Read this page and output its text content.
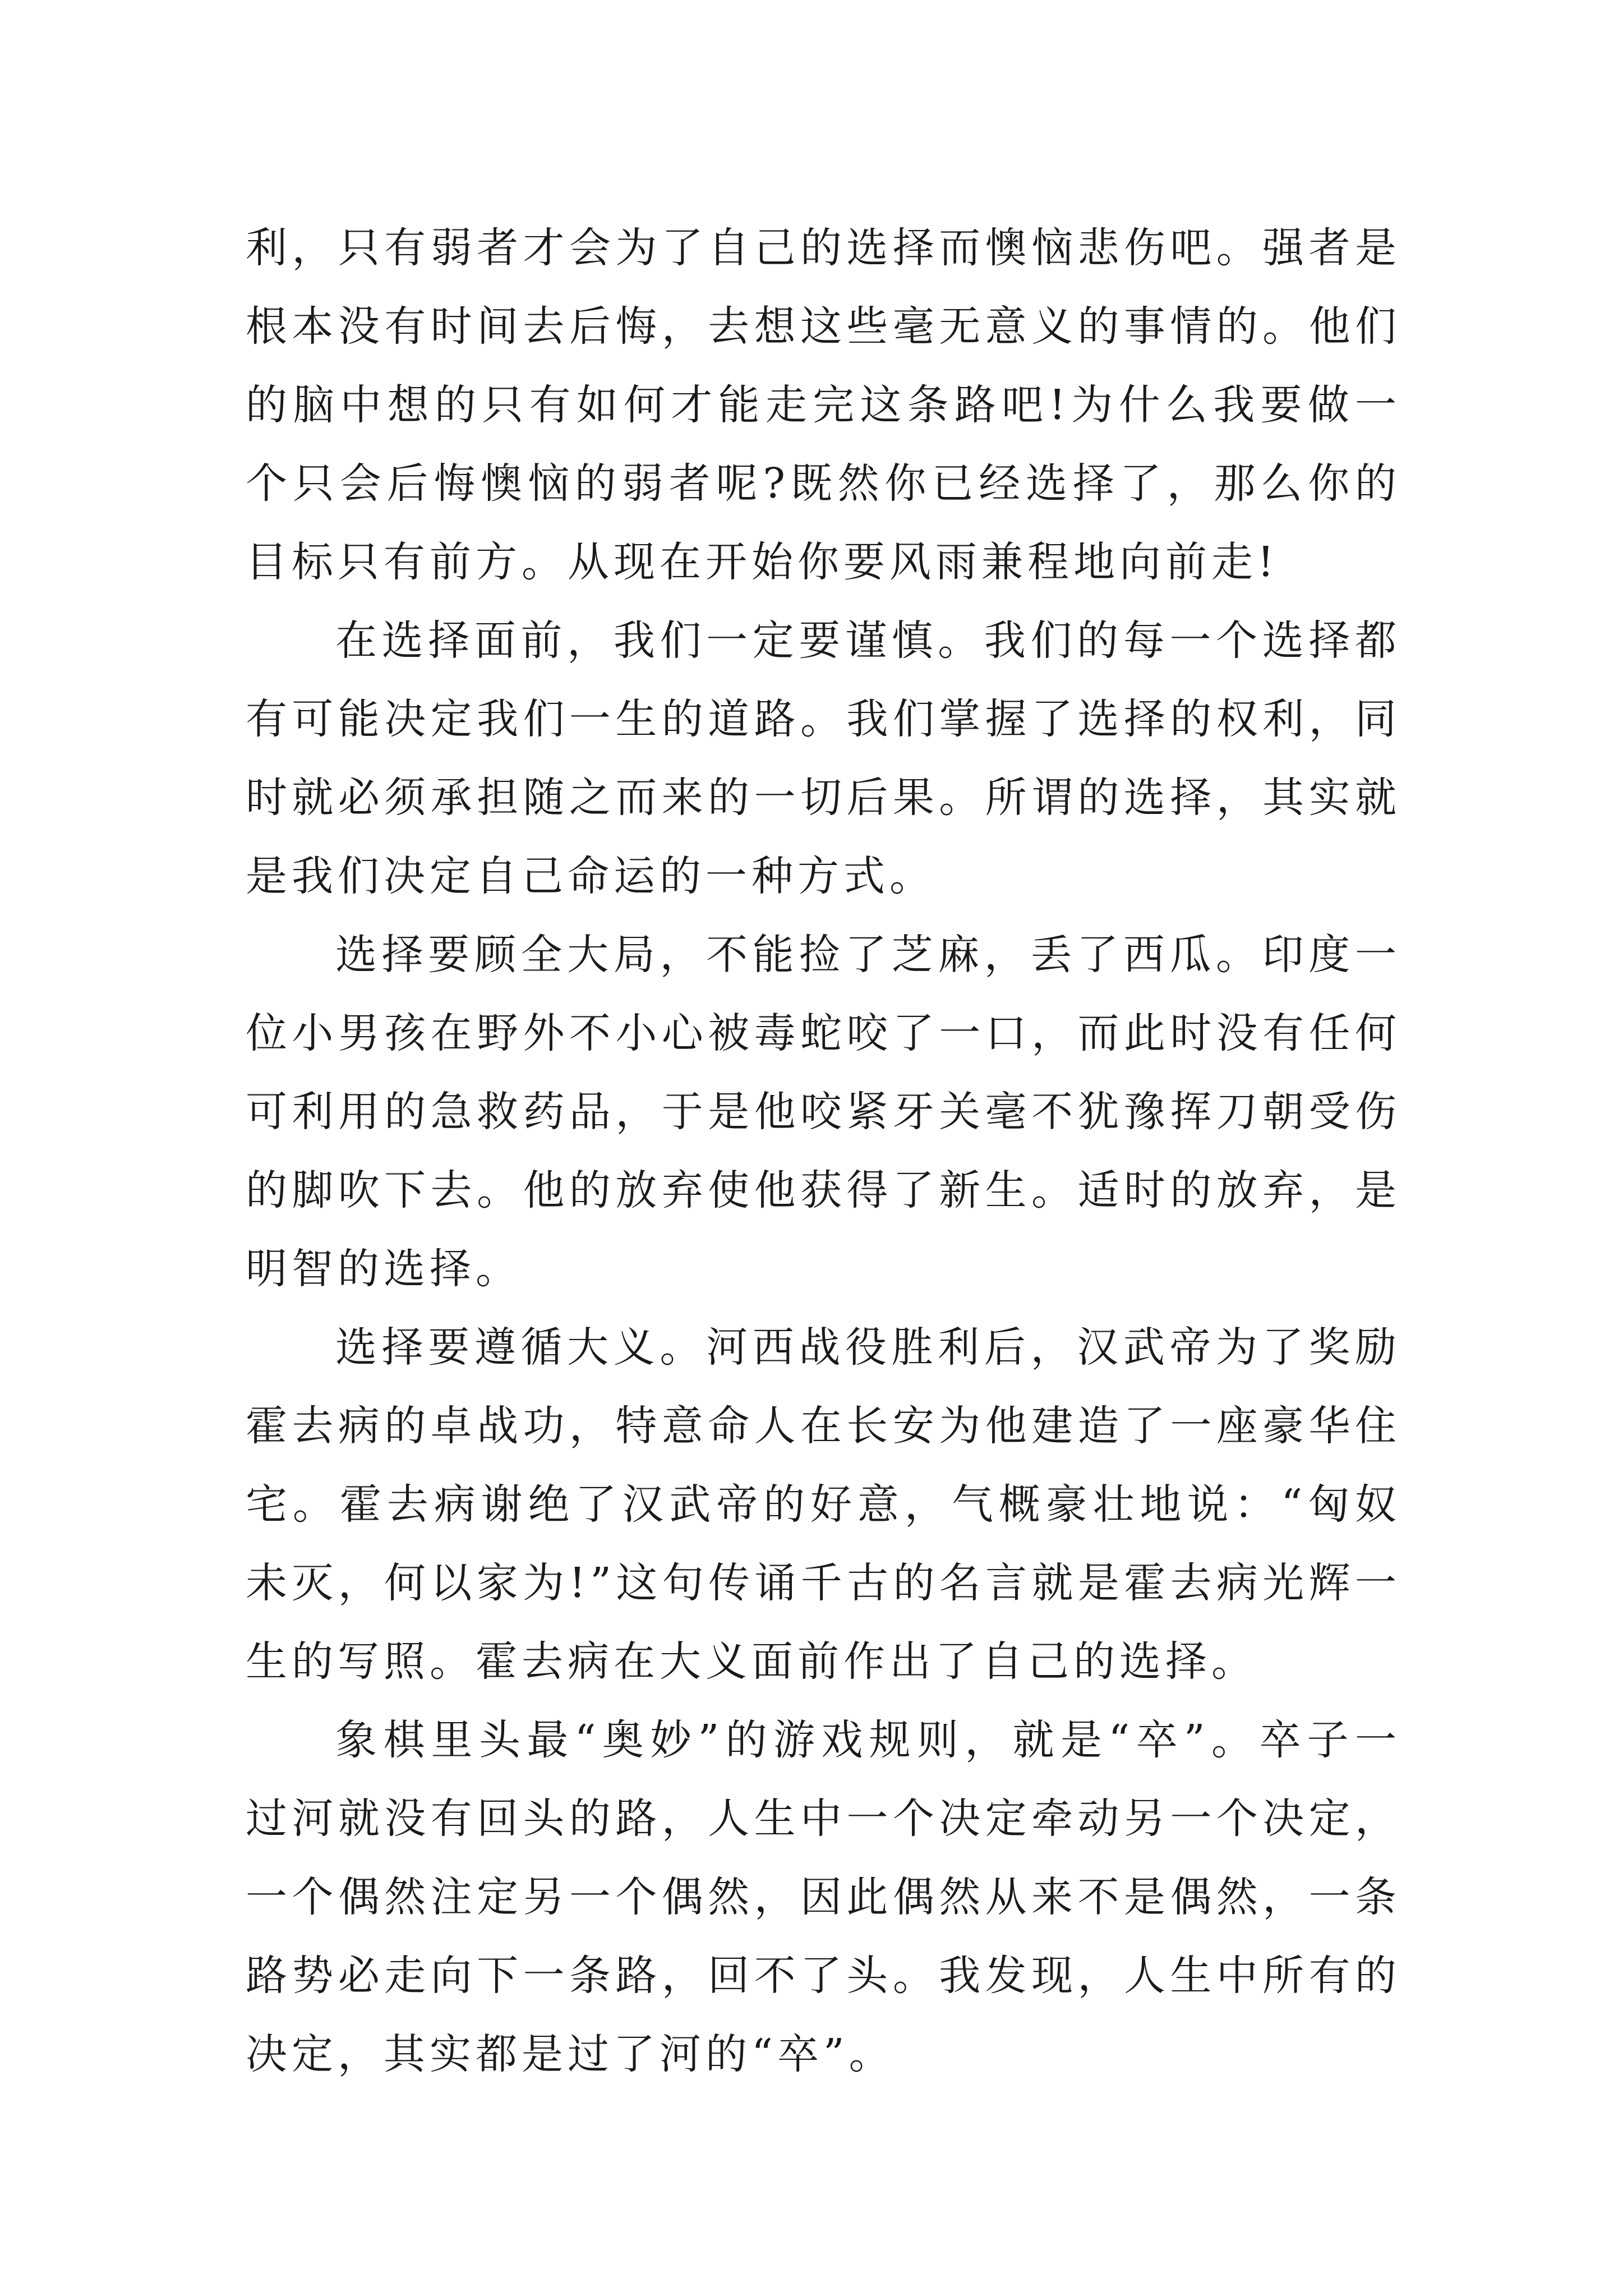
利，只有弱者才会为了自己的选择而懊恼悲伤吧。强者是根本没有时间去后悔，去想这些毫无意义的事情的。他们的脑中想的只有如何才能走完这条路吧!为什么我要做一个只会后悔懊恼的弱者呢?既然你已经选择了，那么你的目标只有前方。从现在开始你要风雨兼程地向前走!

在选择面前，我们一定要谨慎。我们的每一个选择都有可能决定我们一生的道路。我们掌握了选择的权利，同时就必须承担随之而来的一切后果。所谓的选择，其实就是我们决定自己命运的一种方式。

选择要顾全大局，不能捡了芝麻，丢了西瓜。印度一位小男孩在野外不小心被毒蛇咬了一口，而此时没有任何可利用的急救药品，于是他咬紧牙关毫不犹豫挥刀朝受伤的脚吹下去。他的放弃使他获得了新生。适时的放弃，是明智的选择。

选择要遵循大义。河西战役胜利后，汉武帝为了奖励霍去病的卓战功，特意命人在长安为他建造了一座豪华住宅。霍去病谢绝了汉武帝的好意，气概豪壮地说：“匈奴未灭，何以家为!”这句传诵千古的名言就是霍去病光辉一生的写照。霍去病在大义面前作出了自己的选择。

象棋里头最“奥妙”的游戏规则，就是“卒”。卒子一过河就没有回头的路，人生中一个决定牵动另一个决定，一个偶然注定另一个偶然，因此偶然从来不是偶然，一条路势必走向下一条路，回不了头。我发现，人生中所有的决定，其实都是过了河的“卒”。
